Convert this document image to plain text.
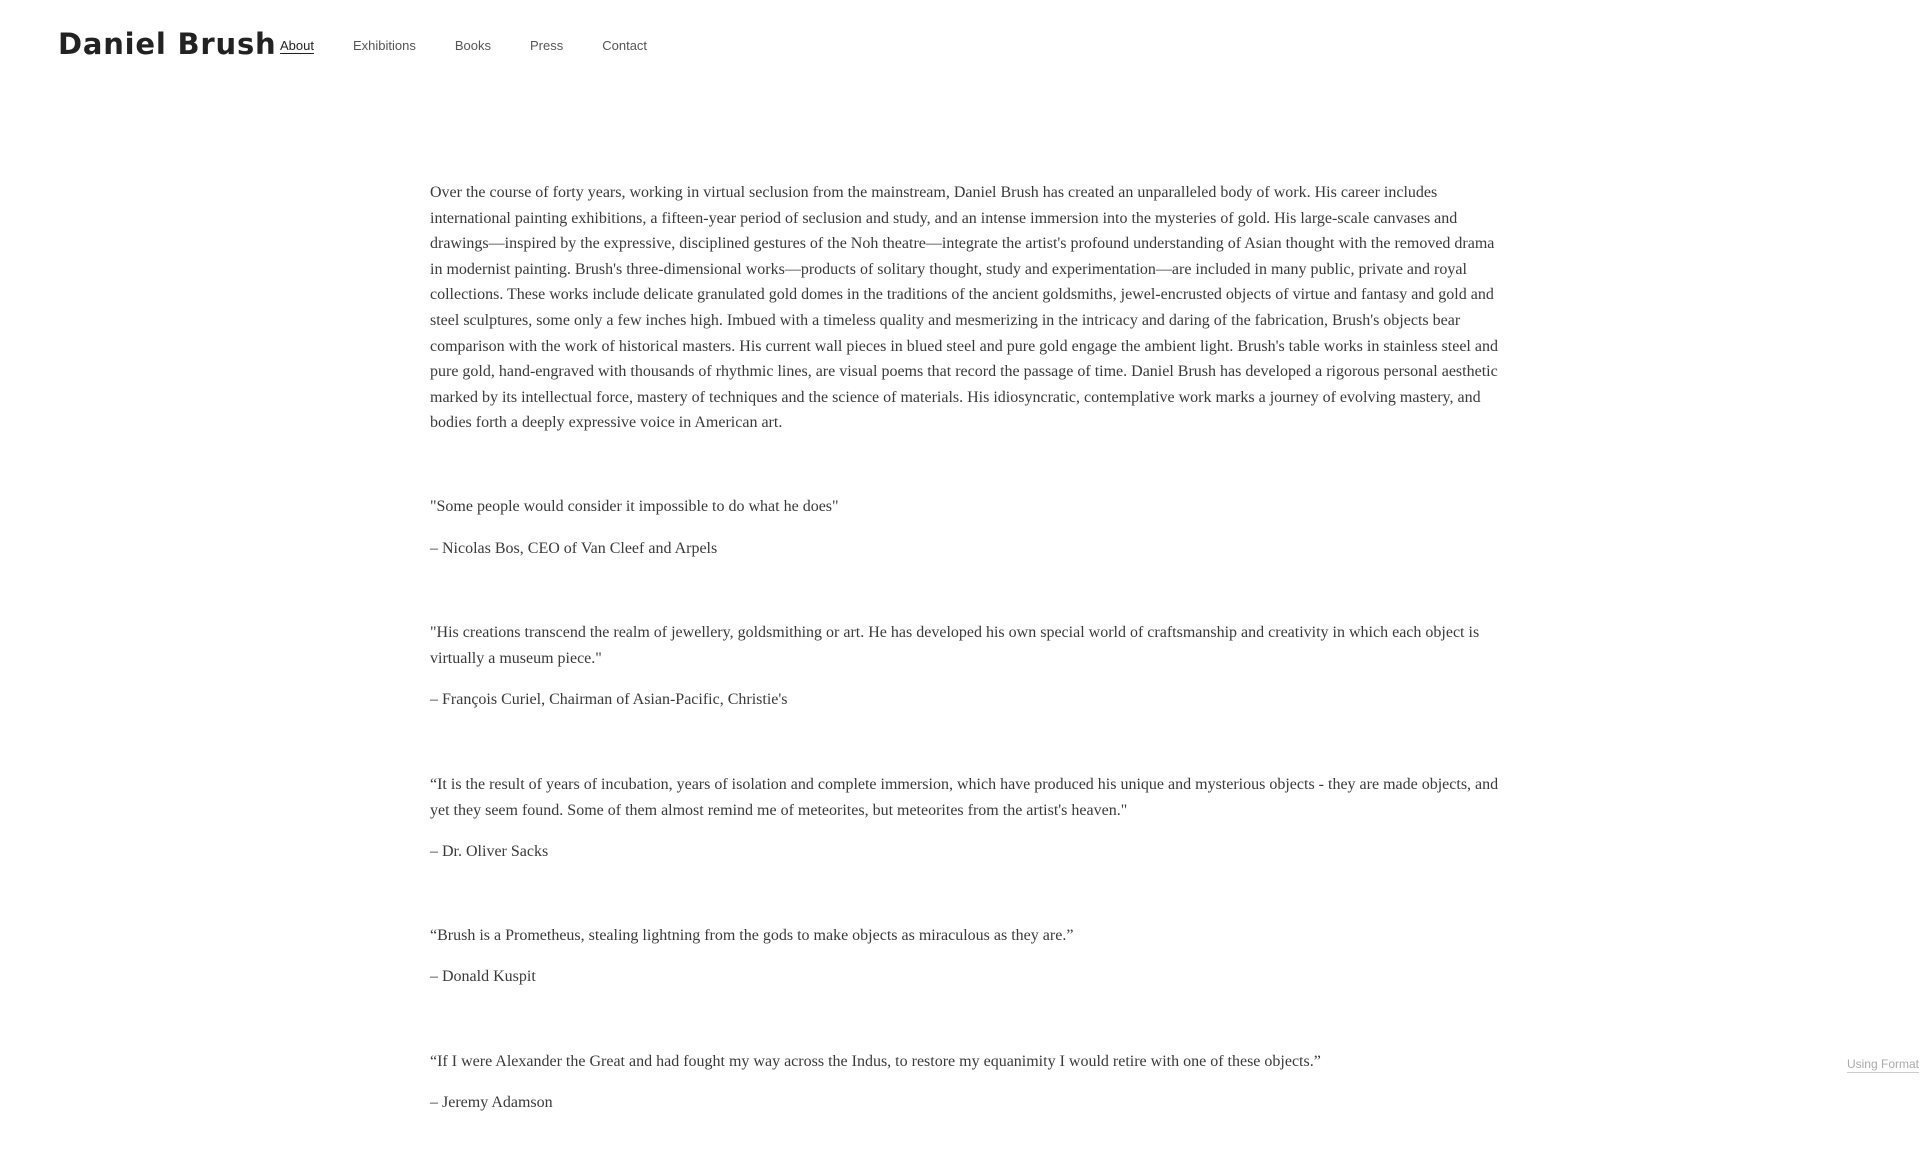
Daniel Brush About	Exhibitions	Books	Press	Contact

Over the course of forty years, working in virtual seclusion from the mainstream, Daniel Brush has created an unparalleled body of work. His career includes international painting exhibitions, a fifteen-year period of seclusion and study, and an intense immersion into the mysteries of gold. His large-scale canvases and drawings—inspired by the expressive, disciplined gestures of the Noh theatre—integrate the artist's profound understanding of Asian thought with the removed drama in modernist painting. Brush's three-dimensional works—products of solitary thought, study and experimentation—are included in many public, private and royal collections. These works include delicate granulated gold domes in the traditions of the ancient goldsmiths, jewel-encrusted objects of virtue and fantasy and gold and steel sculptures, some only a few inches high. Imbued with a timeless quality and mesmerizing in the intricacy and daring of the fabrication, Brush's objects bear comparison with the work of historical masters. His current wall pieces in blued steel and pure gold engage the ambient light. Brush's table works in stainless steel and pure gold, hand-engraved with thousands of rhythmic lines, are visual poems that record the passage of time. Daniel Brush has developed a rigorous personal aesthetic marked by its intellectual force, mastery of techniques and the science of materials. His idiosyncratic, contemplative work marks a journey of evolving mastery, and bodies forth a deeply expressive voice in American art.

"Some people would consider it impossible to do what he does"

– Nicolas Bos, CEO of Van Cleef and Arpels

"His creations transcend the realm of jewellery, goldsmithing or art. He has developed his own special world of craftsmanship and creativity in which each object is virtually a museum piece."

– François Curiel, Chairman of Asian-Pacific, Christie's

“It is the result of years of incubation, years of isolation and complete immersion, which have produced his unique and mysterious objects - they are made objects, and yet they seem found. Some of them almost remind me of meteorites, but meteorites from the artist's heaven."

– Dr. Oliver Sacks

“Brush is a Prometheus, stealing lightning from the gods to make objects as miraculous as they are.”

– Donald Kuspit

“If I were Alexander the Great and had fought my way across the Indus, to restore my equanimity I would retire with one of these objects.”

– Jeremy Adamson

Using Format
